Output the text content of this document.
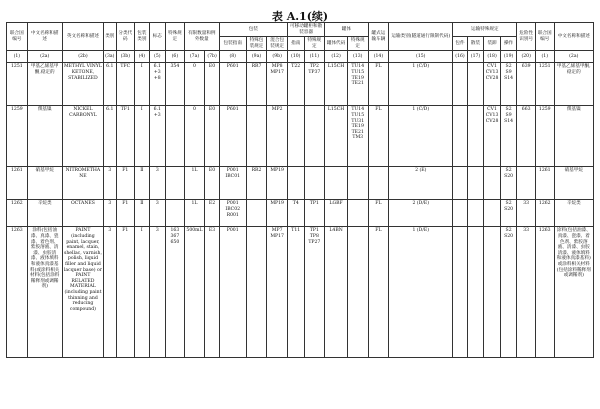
表 A.1(续)
联合国编号	中文名称和描述	英文名称和描述	类别	分类代码	包装类别	标志	特殊规定	有限数量和例外数量		包装			可移动罐柜和散装容器		罐体		罐式运输车辆	运输类别(隧道通行限制代码)	运输特殊规定				危险性识别号	联合国编号	中文名称和描述
										包装指南	特殊包装规定	混合包装规定	指南	特殊规定	罐体代码	特殊规定			包件	散装	装卸	操作			
(1)	(2a)	(2b)	(3a)	(3b)	(4)	(5)	(6)	(7a)	(7b)	(8)	(9a)	(9b)	(10)	(11)	(12)	(13)	(14)	(15)	(16)	(17)	(18)	(19)	(20)	(1)	(2a)
1251	甲基乙烯基甲酮,稳定的	METHYL VINYL KETONE, STABILIZED	6.1	TFC	I	6.1 +3 +8	354	0	E0	P601	RR7	MP8 MP17	T22	TP2 TP37	L15CH	TU14 TU15 TE19 TE21	FL	1 (C/D)			CV1 CV13 CV28	S2 S9 S14	639	1251	甲基乙烯基甲酮,稳定的
1259	羰基镍	NICKEL CARBONYL	6.1	TF1	I	6.1 +3		0	E0	P601		MP2			L15CH	TU14 TU15 TU31 TE19 TE21 TM3	FL	1 (C/D)			CV1 CV13 CV28	S2 S9 S14	663	1259	羰基镍
1261	硝基甲烷	NITROMETHANE	3	F1	Ⅱ	3		1L	E0	P001 IBC01	RR2	MP19						2 (E)				S2 S20		1261	硝基甲烷
1262	辛烷类	OCTANES	3	F1	Ⅱ	3		1L	E2	P001 IBC02 R001		MP19	T4	TP1	LGBF		FL	2 (D/E)				S2 S20	33	1262	辛烷类
1263	涂料(包括油漆、真漆、瓷漆、着色剂、紫胶溶液、清漆、虫胶清漆、液体填料和液体真漆基料)或涂料相关材料(包括涂料稀释剂或调稀剂)	PAINT (including paint, lacquer, enamel, stain, shellac, varnish, polish, liquid filler and liquid lacquer base) or PAINT RELATED MATERIAL (including paint thinning and reducing compound)	3	F1	I	3	163 367 650	500mL	E3	P001		MP7 MP17	T11	TP1 TP8 TP27	L4BN		FL	1 (D/E)				S2 S20	33	1263	涂料(包括油漆、真漆、瓷漆、着色剂、紫胶溶液、清漆、虫胶清漆、液体填料和液体真漆基料)或涂料相关材料(包括涂料稀释剂或调稀剂)
